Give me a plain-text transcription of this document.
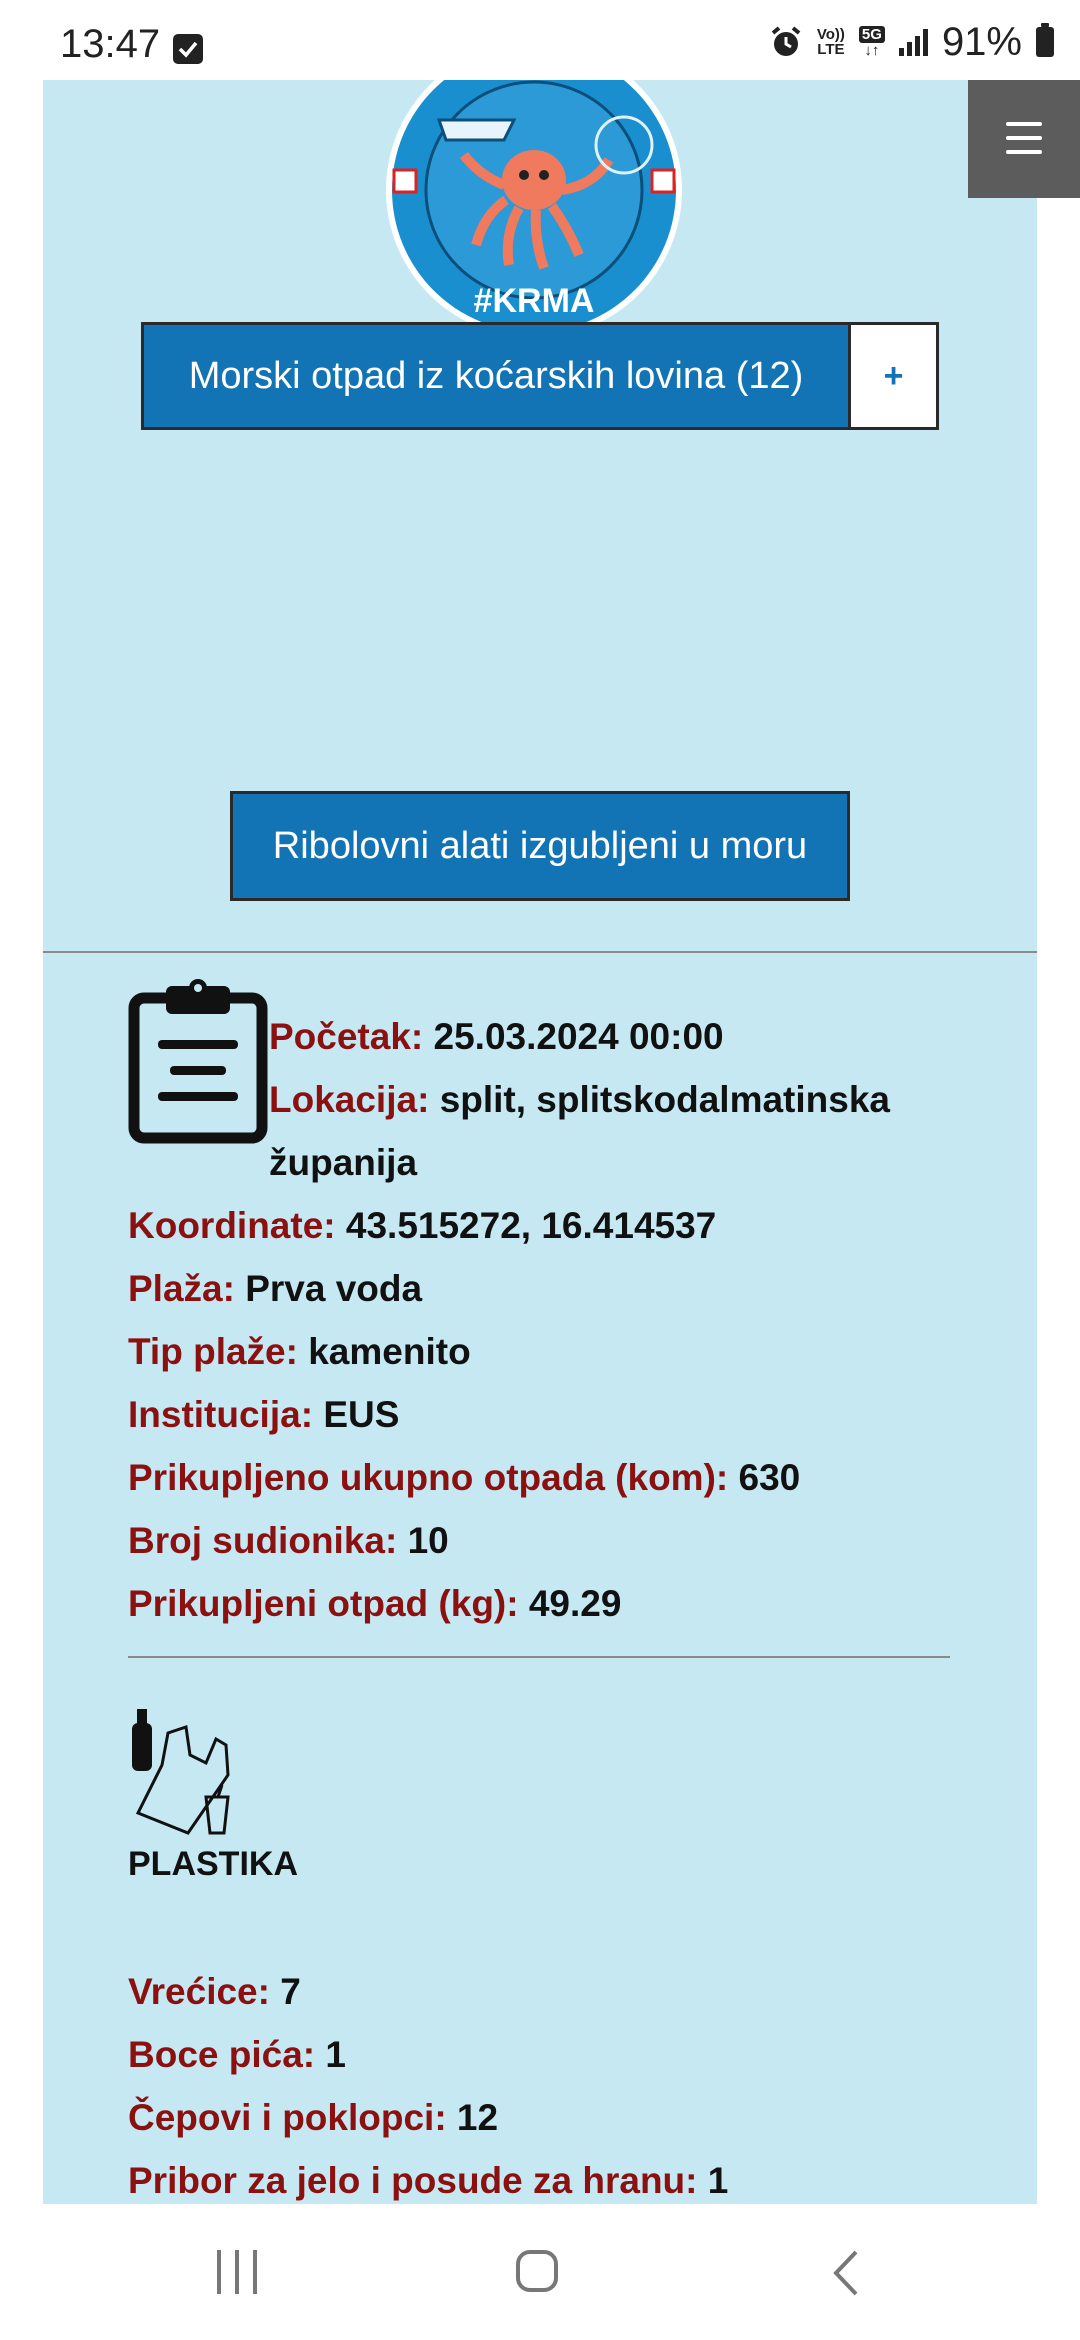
13:47	Vo))
LTE
5G
↓↑ 91%
#KRMA
Morski otpad iz koćarskih lovina (12)	+
Ribolovni alati izgubljeni u moru
Početak: 25.03.2024 00:00
Lokacija: split, splitskodalmatinska
županija
Koordinate: 43.515272, 16.414537
Plaža: Prva voda
Tip plaže: kamenito
Institucija: EUS
Prikupljeno ukupno otpada (kom): 630
Broj sudionika: 10
Prikupljeni otpad (kg): 49.29
PLASTIKA
Vrećice: 7
Boce pića: 1
Čepovi i poklopci: 12
Pribor za jelo i posude za hranu: 1
